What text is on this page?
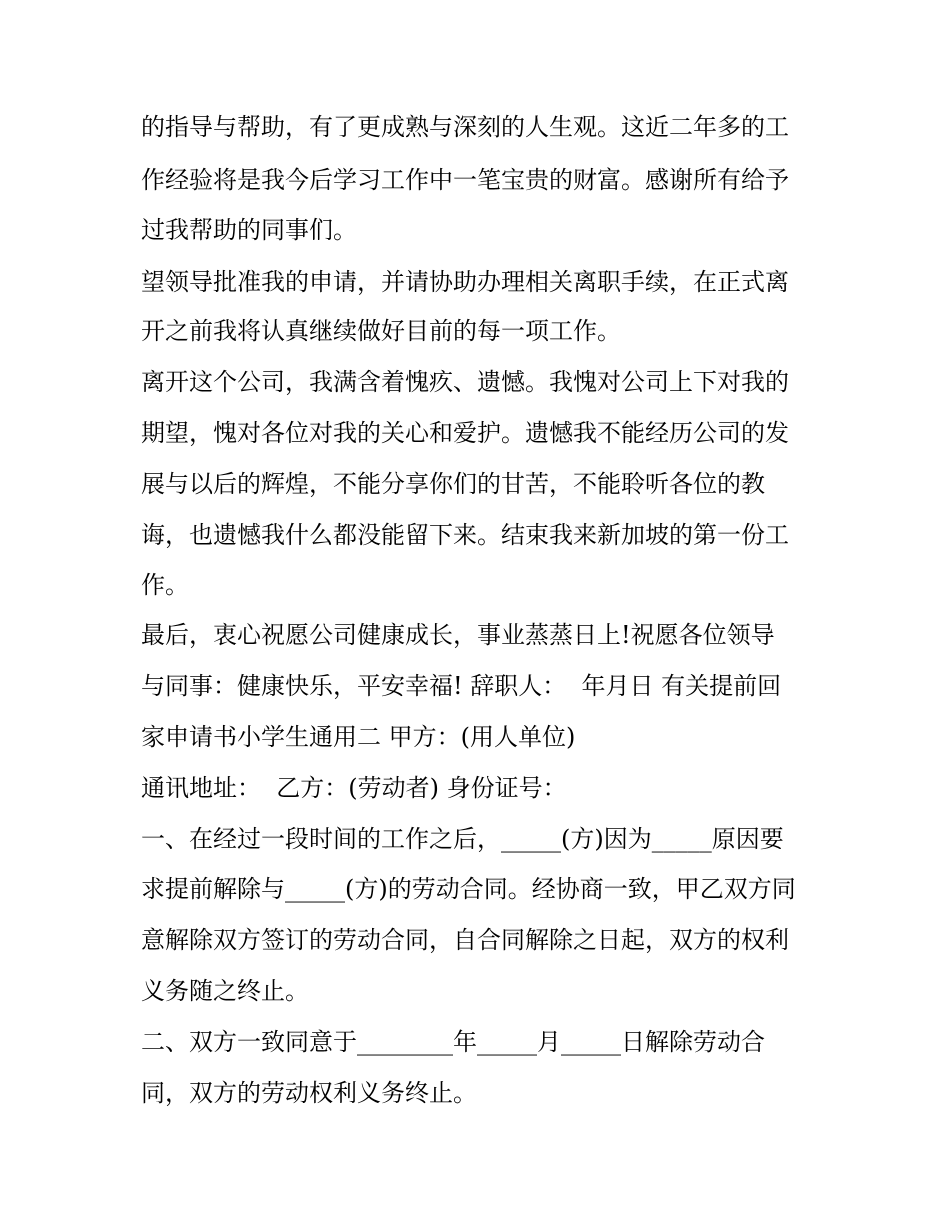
的指导与帮助，有了更成熟与深刻的人生观。这近二年多的工
作经验将是我今后学习工作中一笔宝贵的财富。感谢所有给予
过我帮助的同事们。
望领导批准我的申请，并请协助办理相关离职手续，在正式离
开之前我将认真继续做好目前的每一项工作。
离开这个公司，我满含着愧疚、遗憾。我愧对公司上下对我的
期望，愧对各位对我的关心和爱护。遗憾我不能经历公司的发
展与以后的辉煌，不能分享你们的甘苦，不能聆听各位的教
诲，也遗憾我什么都没能留下来。结束我来新加坡的第一份工
作。
最后，衷心祝愿公司健康成长，事业蒸蒸日上!祝愿各位领导
与同事：健康快乐，平安幸福! 辞职人：  年月日 有关提前回
家申请书小学生通用二 甲方：(用人单位)
通讯地址：  乙方：(劳动者) 身份证号：
一、在经过一段时间的工作之后，_____(方)因为_____原因要
求提前解除与_____(方)的劳动合同。经协商一致，甲乙双方同
意解除双方签订的劳动合同，自合同解除之日起，双方的权利
义务随之终止。
二、双方一致同意于________年_____月_____日解除劳动合
同，双方的劳动权利义务终止。
